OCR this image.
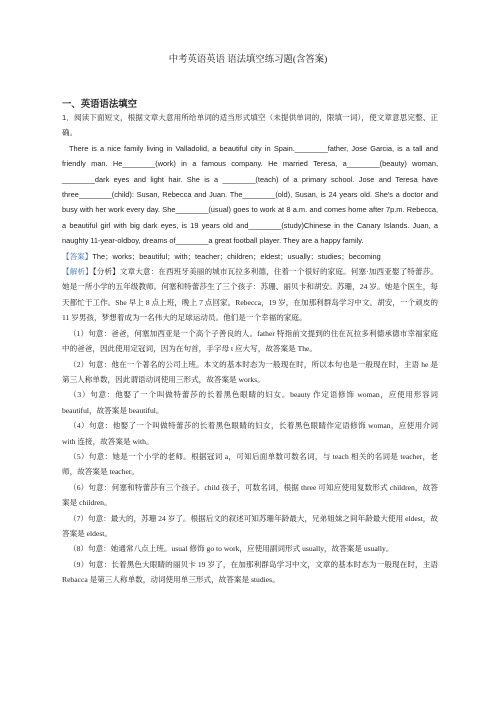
中考英语英语 语法填空练习题(含答案)
一、英语语法填空

1．阅读下面短文，根据文章大意用所给单词的适当形式填空（未提供单词的，限填一词），使文章意思完整、正确。

There is a nice family living in Valladolid, a beautiful city in Spain.________father, Jose Garcia, is a tall and friendly man. He________(work) in a famous company. He married Teresa, a________(beauty) woman, ________dark eyes and light hair. She is a ________(teach) of a primary school. Jose and Teresa have three________(child): Susan, Rebecca and Juan. The________(old), Susan, is 24 years old. She's a doctor and busy with her work every day. She________(usual) goes to work at 8 a.m. and comes home after 7p.m. Rebecca, a beautiful girl with big dark eyes, is 19 years old and________(study)Chinese in the Canary Islands. Juan, a naughty 11-year-oldboy, dreams of________a great football player. They are a happy family.

【答案】The；works；beautiful；with；teacher；children；eldest；usually；studies；becoming

【解析】【分析】文章大意：在西班牙美丽的城市瓦拉多利德，住着一个很好的家庭。何塞·加西亚娶了特蕾莎。她是一所小学的五年级教师。何塞和特蕾莎生了三个孩子：苏珊、丽贝卡和胡安。苏珊，24 岁。她是个医生，每天都忙于工作。She 早上 8 点上班，晚上 7 点回家。Rebecca，19 岁，在加那利群岛学习中文。胡安，一个顽皮的 11 岁男孩，梦想着成为一名伟大的足球运动员。他们是一个幸福的家庭。

（1）句意：爸爸，何塞加西亚是一个高个子善良的人。father 特指前文提到的住在瓦拉多利德承德市幸福家庭中的爸爸，因此使用定冠词，因为在句首，手字母 t 应大写，故答案是 The。

（2）句意：他在一个著名的公司上班。本文的基本时态为一般现在时，所以本句也是一般现在时，主语 he 是第三人称单数，因此谓语动词使用三形式，故答案是 works。

（3）句意：他娶了一个叫做特蕾莎的长着黑色眼睛的妇女。beauty 作定语修饰 woman，应使用形容词 beautiful，故答案是 beautiful。

（4）句意：他娶了一个叫做特蕾莎的长着黑色眼睛的妇女，长着黑色眼睛作定语修饰 woman，应使用介词 with 连接，故答案是 with。

（5）句意：她是一个小学的老师。根据冠词 a，可知后面单数可数名词，与 teach 相关的名词是 teacher，老师，故答案是 teacher。

（6）句意：何塞和特蕾莎有三个孩子。child 孩子，可数名词，根据 three 可知应使用复数形式 children，故答案是 children。

（7）句意：最大的，苏珊 24 岁了。根据后文的叙述可知苏珊年龄最大，兄弟姐妹之间年龄最大使用 eldest，故答案是 eldest。

（8）句意：她通常八点上班。usual 修饰 go to work，应使用副词形式 usually，故答案是 usually。

（9）句意：长着黑色大眼睛的丽贝卡 19 岁了，在加那利群岛学习中文，文章的基本时态为一般现在时，主语 Rebacca 是第三人称单数，动词使用单三形式，故答案是 studies。
